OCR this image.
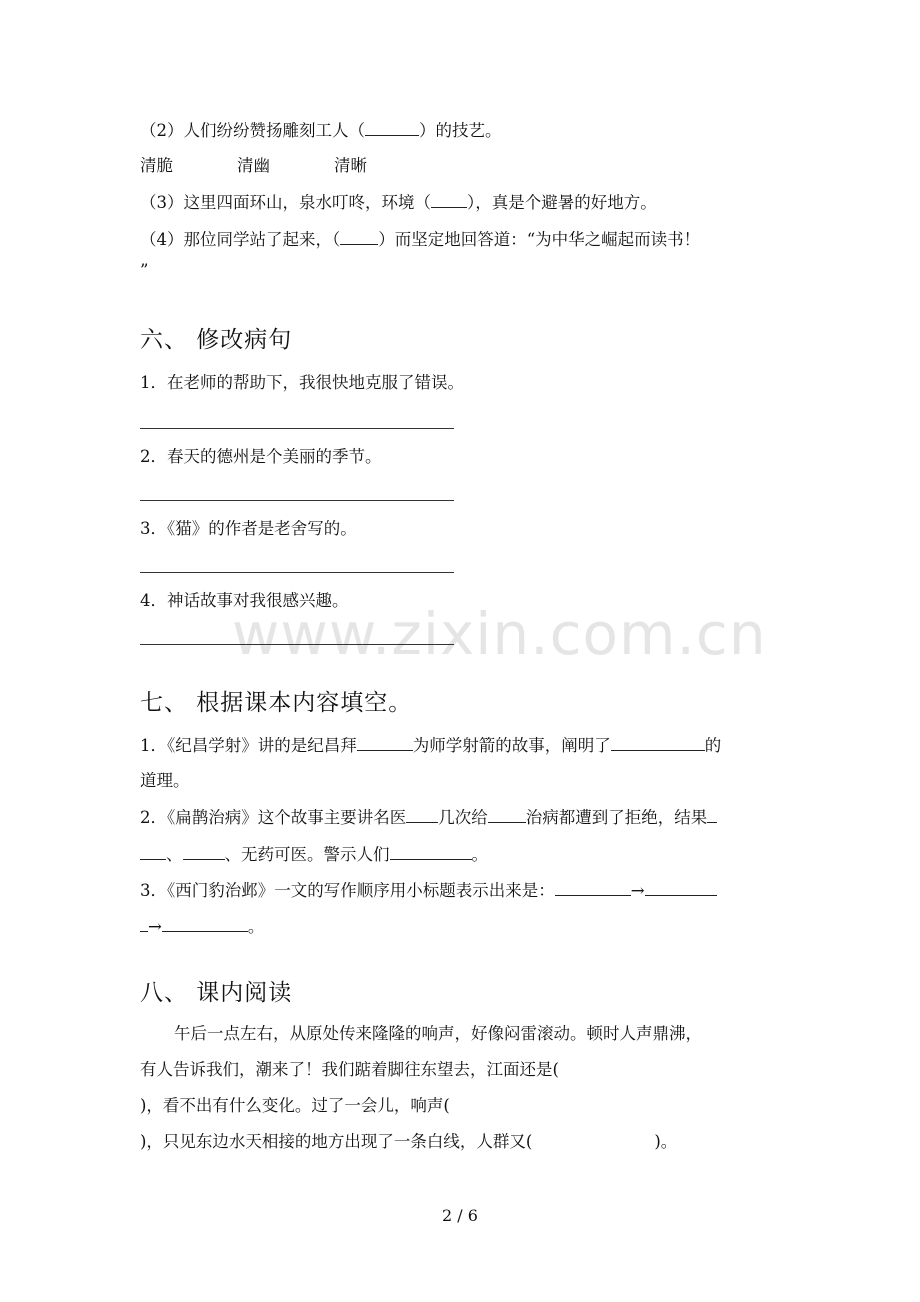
www.zixin.com.cn
（2）人们纷纷赞扬雕刻工人（	）的技艺。
清脆	清幽	清晰
（3）这里四面环山，泉水叮咚，环境（ ），真是个避暑的好地方。
（4）那位同学站了起来，（ ）而坚定地回答道：“为中华之崛起而读书！
”
六、 修改病句
1．在老师的帮助下，我很快地克服了错误。
2．春天的德州是个美丽的季节。
3．《猫》的作者是老舍写的。
4．神话故事对我很感兴趣。
七、 根据课本内容填空。
1．《纪昌学射》讲的是纪昌拜	为师学射箭的故事，阐明了	的
道理。
2．《扁鹊治病》这个故事主要讲名医 几次给 治病都遭到了拒绝，结果
、	、无药可医。警示人们	。
3．《西门豹治邺》一文的写作顺序用小标题表示出来是：	→
→	。
八、 课内阅读
午后一点左右，从原处传来隆隆的响声，好像闷雷滚动。顿时人声鼎沸，
有人告诉我们，潮来了！我们踮着脚往东望去，江面还是(
)，看不出有什么变化。过了一会儿，响声(
)，只见东边水天相接的地方出现了一条白线，人群又(	)。
2 / 6
